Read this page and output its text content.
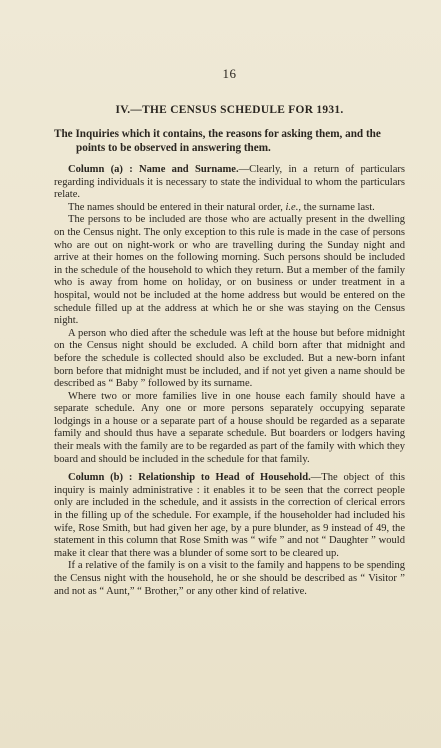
16
IV.—THE CENSUS SCHEDULE FOR 1931.
The Inquiries which it contains, the reasons for asking them, and the points to be observed in answering them.

Column (a) : Name and Surname.—Clearly, in a return of particulars regarding individuals it is necessary to state the individual to whom the particulars relate.

The names should be entered in their natural order, i.e., the surname last.

The persons to be included are those who are actually present in the dwelling on the Census night. The only exception to this rule is made in the case of persons who are out on night-work or who are travelling during the Sunday night and arrive at their homes on the following morning. Such persons should be included in the schedule of the household to which they return. But a member of the family who is away from home on holiday, or on business or under treatment in a hospital, would not be included at the home address but would be entered on the schedule filled up at the address at which he or she was staying on the Census night.

A person who died after the schedule was left at the house but before midnight on the Census night should be excluded. A child born after that midnight and before the schedule is collected should also be excluded. But a new-born infant born before that midnight must be included, and if not yet given a name should be described as “ Baby ” followed by its surname.

Where two or more families live in one house each family should have a separate schedule. Any one or more persons separately occupying separate lodgings in a house or a separate part of a house should be regarded as a separate family and should thus have a separate schedule. But boarders or lodgers having their meals with the family are to be regarded as part of the family with which they board and should be included in the schedule for that family.

Column (b) : Relationship to Head of Household.—The object of this inquiry is mainly administrative : it enables it to be seen that the correct people only are included in the schedule, and it assists in the correction of clerical errors in the filling up of the schedule. For example, if the householder had included his wife, Rose Smith, but had given her age, by a pure blunder, as 9 instead of 49, the statement in this column that Rose Smith was “ wife ” and not “ Daughter ” would make it clear that there was a blunder of some sort to be cleared up.

If a relative of the family is on a visit to the family and happens to be spending the Census night with the household, he or she should be described as “ Visitor ” and not as “ Aunt,” “ Brother,” or any other kind of relative.
